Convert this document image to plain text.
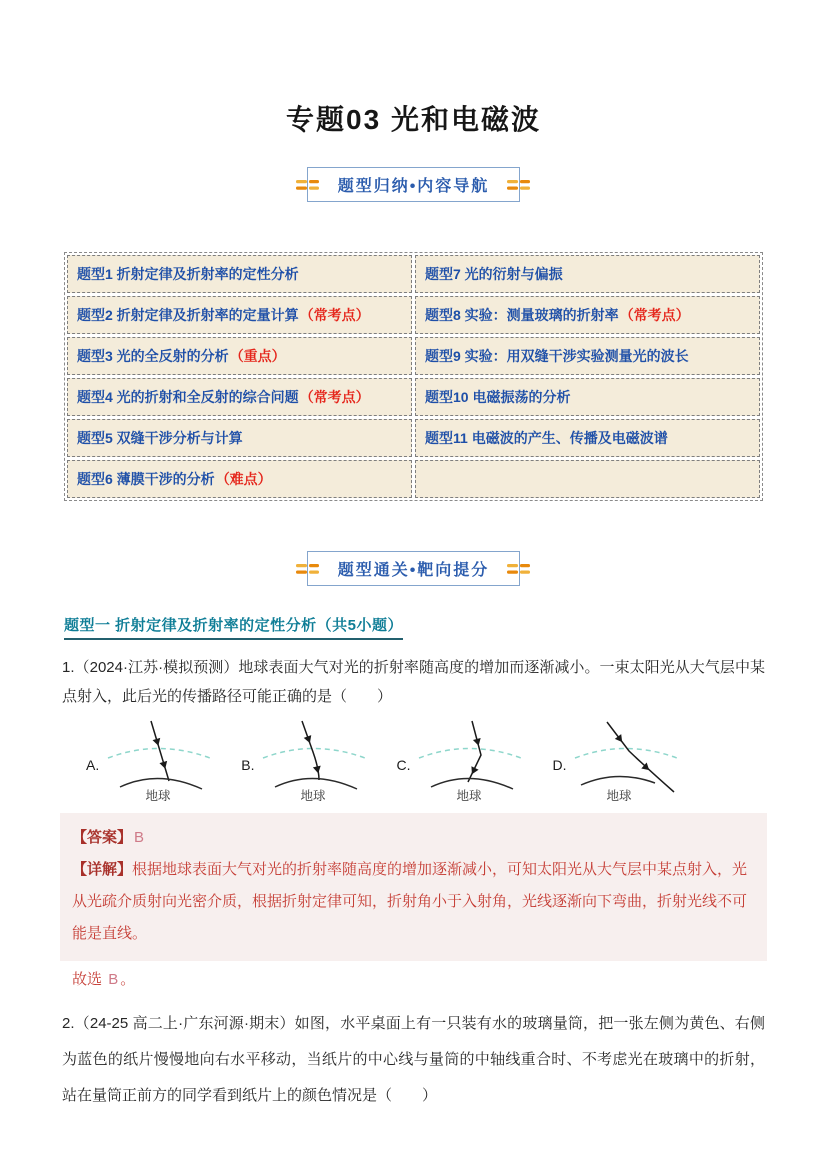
专题03 光和电磁波
题型归纳•内容导航
题型1 折射定律及折射率的定性分析	题型7 光的衍射与偏振
题型2 折射定律及折射率的定量计算 （常考点）	题型8 实验：测量玻璃的折射率 （常考点）
题型3 光的全反射的分析 （重点）	题型9 实验：用双缝干涉实验测量光的波长
题型4 光的折射和全反射的综合问题 （常考点）	题型10 电磁振荡的分析
题型5 双缝干涉分析与计算	题型11 电磁波的产生、传播及电磁波谱
题型6 薄膜干涉的分析 （难点）
题型通关•靶向提分
题型一 折射定律及折射率的定性分析（共5小题）

1.（2024·江苏·模拟预测）地球表面大气对光的折射率随高度的增加而逐渐减小。一束太阳光从大气层中某点射入，此后光的传播路径可能正确的是（　　）

A.
地球
B.
地球
C.
地球
D.
地球

【答案】 B

【详解】根据地球表面大气对光的折射率随高度的增加逐渐减小，可知太阳光从大气层中某点射入，光从光疏介质射向光密介质，根据折射定律可知，折射角小于入射角，光线逐渐向下弯曲，折射光线不可能是直线。

故选 B 。

2.（24-25 高二上·广东河源·期末）如图，水平桌面上有一只装有水的玻璃量筒，把一张左侧为黄色、右侧为蓝色的纸片慢慢地向右水平移动，当纸片的中心线与量筒的中轴线重合时、不考虑光在玻璃中的折射，站在量筒正前方的同学看到纸片上的颜色情况是（　　）
